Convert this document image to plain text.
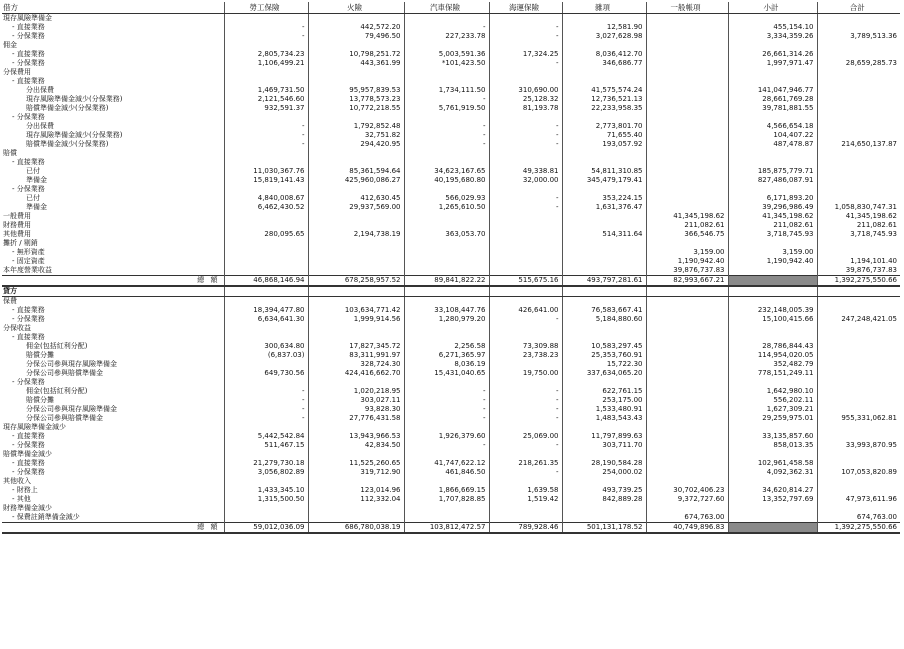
借方	勞工保險	火險	汽車保險	海運保險	雜項	一般帳項	小計	合計
現存風險準備金								
- 直接業務	-	442,572.20	-	-	12,581.90		455,154.10	
- 分保業務	-	79,496.50	227,233.78	-	3,027,628.98		3,334,359.26	3,789,513.36
佣金								
- 直接業務	2,805,734.23	10,798,251.72	5,003,591.36	17,324.25	8,036,412.70		26,661,314.26	
- 分保業務	1,106,499.21	443,361.99	*101,423.50	-	346,686.77		1,997,971.47	28,659,285.73
分保費用								
- 直接業務								
分出保費	1,469,731.50	95,957,839.53	1,734,111.50	310,690.00	41,575,574.24		141,047,946.77	
現存風險準備金減少(分保業務)	2,121,546.60	13,778,573.23	-	25,128.32	12,736,521.13		28,661,769.28	
賠償準備金減少(分保業務)	932,591.37	10,772,218.55	5,761,919.50	81,193.78	22,233,958.35		39,781,881.55	
- 分保業務								
分出保費	-	1,792,852.48	-	-	2,773,801.70		4,566,654.18	
現存風險準備金減少(分保業務)	-	32,751.82	-	-	71,655.40		104,407.22	
賠償準備金減少(分保業務)	-	294,420.95	-	-	193,057.92		487,478.87	214,650,137.87
賠償								
- 直接業務								
已付	11,030,367.76	85,361,594.64	34,623,167.65	49,338.81	54,811,310.85		185,875,779.71	
準備金	15,819,141.43	425,960,086.27	40,195,680.80	32,000.00	345,479,179.41		827,486,087.91	
- 分保業務								
已付	4,840,008.67	412,630.45	566,029.93	-	353,224.15		6,171,893.20	
準備金	6,462,430.52	29,937,569.00	1,265,610.50	-	1,631,376.47		39,296,986.49	1,058,830,747.31
一般費用						41,345,198.62	41,345,198.62	41,345,198.62
財務費用						211,082.61	211,082.61	211,082.61
其他費用	280,095.65	2,194,738.19	363,053.70		514,311.64	366,546.75	3,718,745.93	3,718,745.93
攤折 / 剔銷								
- 無形資產						3,159.00	3,159.00	
- 固定資產						1,190,942.40	1,190,942.40	1,194,101.40
本年度營業收益						39,876,737.83		39,876,737.83
總 額	46,868,146.94	678,258,957.52	89,841,822.22	515,675.16	493,797,281.61	82,993,667.21		1,392,275,550.66
貸方								
保費								
- 直接業務	18,394,477.80	103,634,771.42	33,108,447.76	426,641.00	76,583,667.41		232,148,005.39	
- 分保業務	6,634,641.30	1,999,914.56	1,280,979.20	-	5,184,880.60		15,100,415.66	247,248,421.05
分保收益								
- 直接業務								
佣金(包括紅利分配)	300,634.80	17,827,345.72	2,256.58	73,309.88	10,583,297.45		28,786,844.43	
賠償分攤	(6,837.03)	83,311,991.97	6,271,365.97	23,738.23	25,353,760.91		114,954,020.05	
分保公司參與現存風險準備金		328,724.30	8,036.19		15,722.30		352,482.79	
分保公司參與賠償準備金	649,730.56	424,416,662.70	15,431,040.65	19,750.00	337,634,065.20		778,151,249.11	
- 分保業務								
佣金(包括紅利分配)	-	1,020,218.95	-	-	622,761.15		1,642,980.10	
賠償分攤	-	303,027.11	-	-	253,175.00		556,202.11	
分保公司參與現存風險準備金	-	93,828.30	-	-	1,533,480.91		1,627,309.21	
分保公司參與賠償準備金	-	27,776,431.58	-	-	1,483,543.43		29,259,975.01	955,331,062.81
現存風險準備金減少								
- 直接業務	5,442,542.84	13,943,966.53	1,926,379.60	25,069.00	11,797,899.63		33,135,857.60	
- 分保業務	511,467.15	42,834.50	-	-	303,711.70		858,013.35	33,993,870.95
賠償準備金減少								
- 直接業務	21,279,730.18	11,525,260.65	41,747,622.12	218,261.35	28,190,584.28		102,961,458.58	
- 分保業務	3,056,802.89	319,712.90	461,846.50	-	254,000.02		4,092,362.31	107,053,820.89
其他收入								
- 財務上	1,433,345.10	123,014.96	1,866,669.15	1,639.58	493,739.25	30,702,406.23	34,620,814.27	
- 其他	1,315,500.50	112,332.04	1,707,828.85	1,519.42	842,889.28	9,372,727.60	13,352,797.69	47,973,611.96
財務準備金減少								
- 保費註銷準備金減少						674,763.00		674,763.00
總 額	59,012,036.09	686,780,038.19	103,812,472.57	789,928.46	501,131,178.52	40,749,896.83		1,392,275,550.66
